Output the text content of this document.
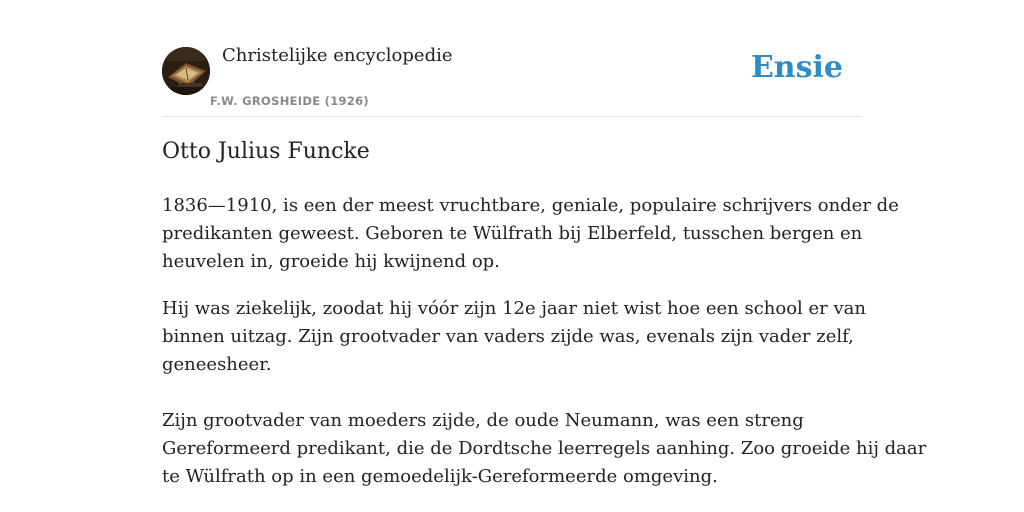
Christelijke encyclopedie
F.W. GROSHEIDE (1926)
Ensie
Otto Julius Funcke

1836—1910, is een der meest vruchtbare, geniale, populaire schrijvers onder de
predikanten geweest. Geboren te Wülfrath bij Elberfeld, tusschen bergen en
heuvelen in, groeide hij kwijnend op.

Hij was ziekelijk, zoodat hij vóór zijn 12e jaar niet wist hoe een school er van
binnen uitzag. Zijn grootvader van vaders zijde was, evenals zijn vader zelf,
geneesheer.

Zijn grootvader van moeders zijde, de oude Neumann, was een streng
Gereformeerd predikant, die de Dordtsche leerregels aanhing. Zoo groeide hij daar
te Wülfrath op in een gemoedelijk-Gereformeerde omgeving.
